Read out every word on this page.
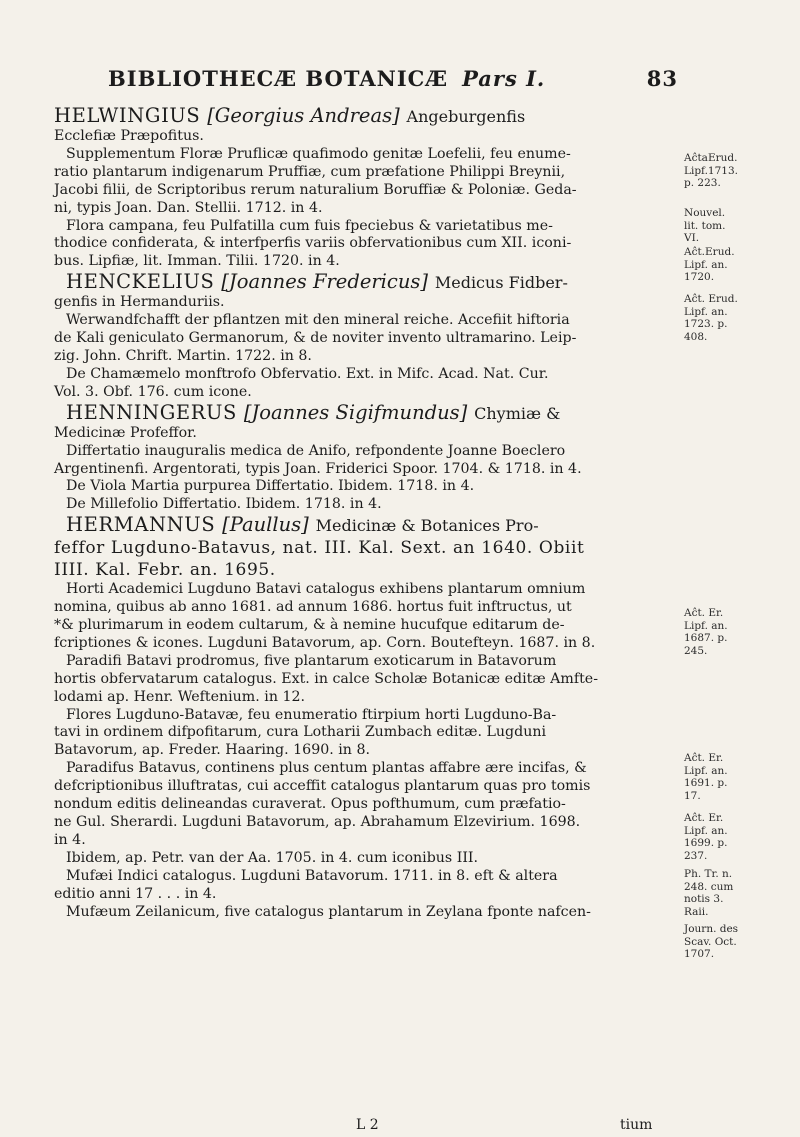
BIBLIOTHECÆ BOTANICÆ Pars I.	83

HELWINGIUS [Georgius Andreas] Angeburgenfis

Ecclefiæ Præpofitus.

Supplementum Floræ Pruflicæ quafimodo genitæ Loefelii, feu enume-

ratio plantarum indigenarum Pruffiæ, cum præfatione Philippi Breynii,

Jacobi filii, de Scriptoribus rerum naturalium Boruffiæ & Poloniæ. Geda-

ni, typis Joan. Dan. Stellii. 1712. in 4.

Flora campana, feu Pulfatilla cum fuis fpeciebus & varietatibus me-

thodice confiderata, & interfperfis variis obfervationibus cum XII. iconi-

bus. Lipfiæ, lit. Imman. Tilii. 1720. in 4.

HENCKELIUS [Joannes Fredericus] Medicus Fidber-

genfis in Hermanduriis.

Werwandfchafft der pflantzen mit den mineral reiche. Accefiit hiftoria

de Kali geniculato Germanorum, & de noviter invento ultramarino. Leip-

zig. John. Chrift. Martin. 1722. in 8.

De Chamæmelo monftrofo Obfervatio. Ext. in Mifc. Acad. Nat. Cur.

Vol. 3. Obf. 176. cum icone.

HENNINGERUS [Joannes Sigifmundus] Chymiæ &

Medicinæ Profeffor.

Differtatio inauguralis medica de Anifo, refpondente Joanne Boeclero

Argentinenfi. Argentorati, typis Joan. Friderici Spoor. 1704. & 1718. in 4.

De Viola Martia purpurea Differtatio. Ibidem. 1718. in 4.

De Millefolio Differtatio. Ibidem. 1718. in 4.

HERMANNUS [Paullus] Medicinæ & Botanices Pro-

feffor Lugduno-Batavus, nat. III. Kal. Sext. an 1640. Obiit

IIII. Kal. Febr. an. 1695.

Horti Academici Lugduno Batavi catalogus exhibens plantarum omnium

nomina, quibus ab anno 1681. ad annum 1686. hortus fuit inftructus, ut

*& plurimarum in eodem cultarum, & à nemine hucufque editarum de-

fcriptiones & icones. Lugduni Batavorum, ap. Corn. Boutefteyn. 1687. in 8.

Paradifi Batavi prodromus, five plantarum exoticarum in Batavorum

hortis obfervatarum catalogus. Ext. in calce Scholæ Botanicæ editæ Amfte-

lodami ap. Henr. Weftenium. in 12.

Flores Lugduno-Batavæ, feu enumeratio ftirpium horti Lugduno-Ba-

tavi in ordinem difpofitarum, cura Lotharii Zumbach editæ. Lugduni

Batavorum, ap. Freder. Haaring. 1690. in 8.

Paradifus Batavus, continens plus centum plantas affabre ære incifas, &

defcriptionibus illuftratas, cui acceffit catalogus plantarum quas pro tomis

nondum editis delineandas curaverat. Opus pofthumum, cum præfatio-

ne Gul. Sherardi. Lugduni Batavorum, ap. Abrahamum Elzevirium. 1698.

in 4.

Ibidem, ap. Petr. van der Aa. 1705. in 4. cum iconibus III.

Mufæi Indici catalogus. Lugduni Batavorum. 1711. in 8. eft & altera

editio anni 17 . . . in 4.

Mufæum Zeilanicum, five catalogus plantarum in Zeylana fponte nafcen-

AĉtaErud.
Lipf.1713.
p. 223.
Nouvel.
lit. tom.
VI.
Aĉt.Erud.
Lipf. an.
1720.
Aĉt. Erud.
Lipf. an.
1723. p.
408.
Aĉt. Er.
Lipf. an.
1687. p.
245.
Aĉt. Er.
Lipf. an.
1691. p.
17.
Aĉt. Er.
Lipf. an.
1699. p.
237.
Ph. Tr. n.
248. cum
notis 3.
Raii.
Journ. des
Scav. Oct.
1707.
L 2	tium
